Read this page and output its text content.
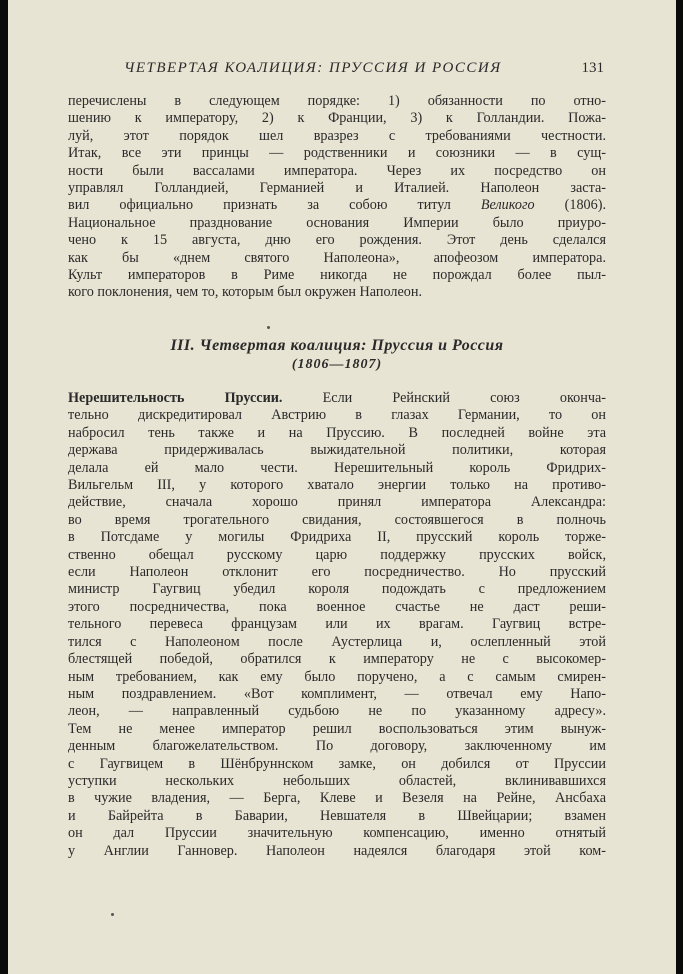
ЧЕТВЕРТАЯ КОАЛИЦИЯ: ПРУССИЯ И РОССИЯ	131

перечислены в следующем порядке: 1) обязанности по отно-

шению к императору, 2) к Франции, 3) к Голландии. Пожа-

луй, этот порядок шел вразрез с требованиями честности.

Итак, все эти принцы — родственники и союзники — в сущ-

ности были вассалами императора. Через их посредство он

управлял Голландией, Германией и Италией. Наполеон заста-

вил официально признать за собою титул Великого (1806).

Национальное празднование основания Империи было приуро-

чено к 15 августа, дню его рождения. Этот день сделался

как бы «днем святого Наполеона», апофеозом императора.

Культ императоров в Риме никогда не порождал более пыл-

кого поклонения, чем то, которым был окружен Наполеон.

III. Четвертая коалиция: Пруссия и Россия
(1806—1807)

Нерешительность Пруссии. Если Рейнский союз оконча-

тельно дискредитировал Австрию в глазах Германии, то он

набросил тень также и на Пруссию. В последней войне эта

держава придерживалась выжидательной политики, которая

делала ей мало чести. Нерешительный король Фридрих-

Вильгельм III, у которого хватало энергии только на противо-

действие, сначала хорошо принял императора Александра:

во время трогательного свидания, состоявшегося в полночь

в Потсдаме у могилы Фридриха II, прусский король торже-

ственно обещал русскому царю поддержку прусских войск,

если Наполеон отклонит его посредничество. Но прусский

министр Гаугвиц убедил короля подождать с предложением

этого посредничества, пока военное счастье не даст реши-

тельного перевеса французам или их врагам. Гаугвиц встре-

тился с Наполеоном после Аустерлица и, ослепленный этой

блестящей победой, обратился к императору не с высокомер-

ным требованием, как ему было поручено, а с самым смирен-

ным поздравлением. «Вот комплимент, — отвечал ему Напо-

леон, — направленный судьбою не по указанному адресу».

Тем не менее император решил воспользоваться этим вынуж-

денным благожелательством. По договору, заключенному им

с Гаугвицем в Шёнбруннском замке, он добился от Пруссии

уступки нескольких небольших областей, вклинивавшихся

в чужие владения, — Берга, Клеве и Везеля на Рейне, Ансбаха

и Байрейта в Баварии, Невшателя в Швейцарии; взамен

он дал Пруссии значительную компенсацию, именно отнятый

у Англии Ганновер. Наполеон надеялся благодаря этой ком-
